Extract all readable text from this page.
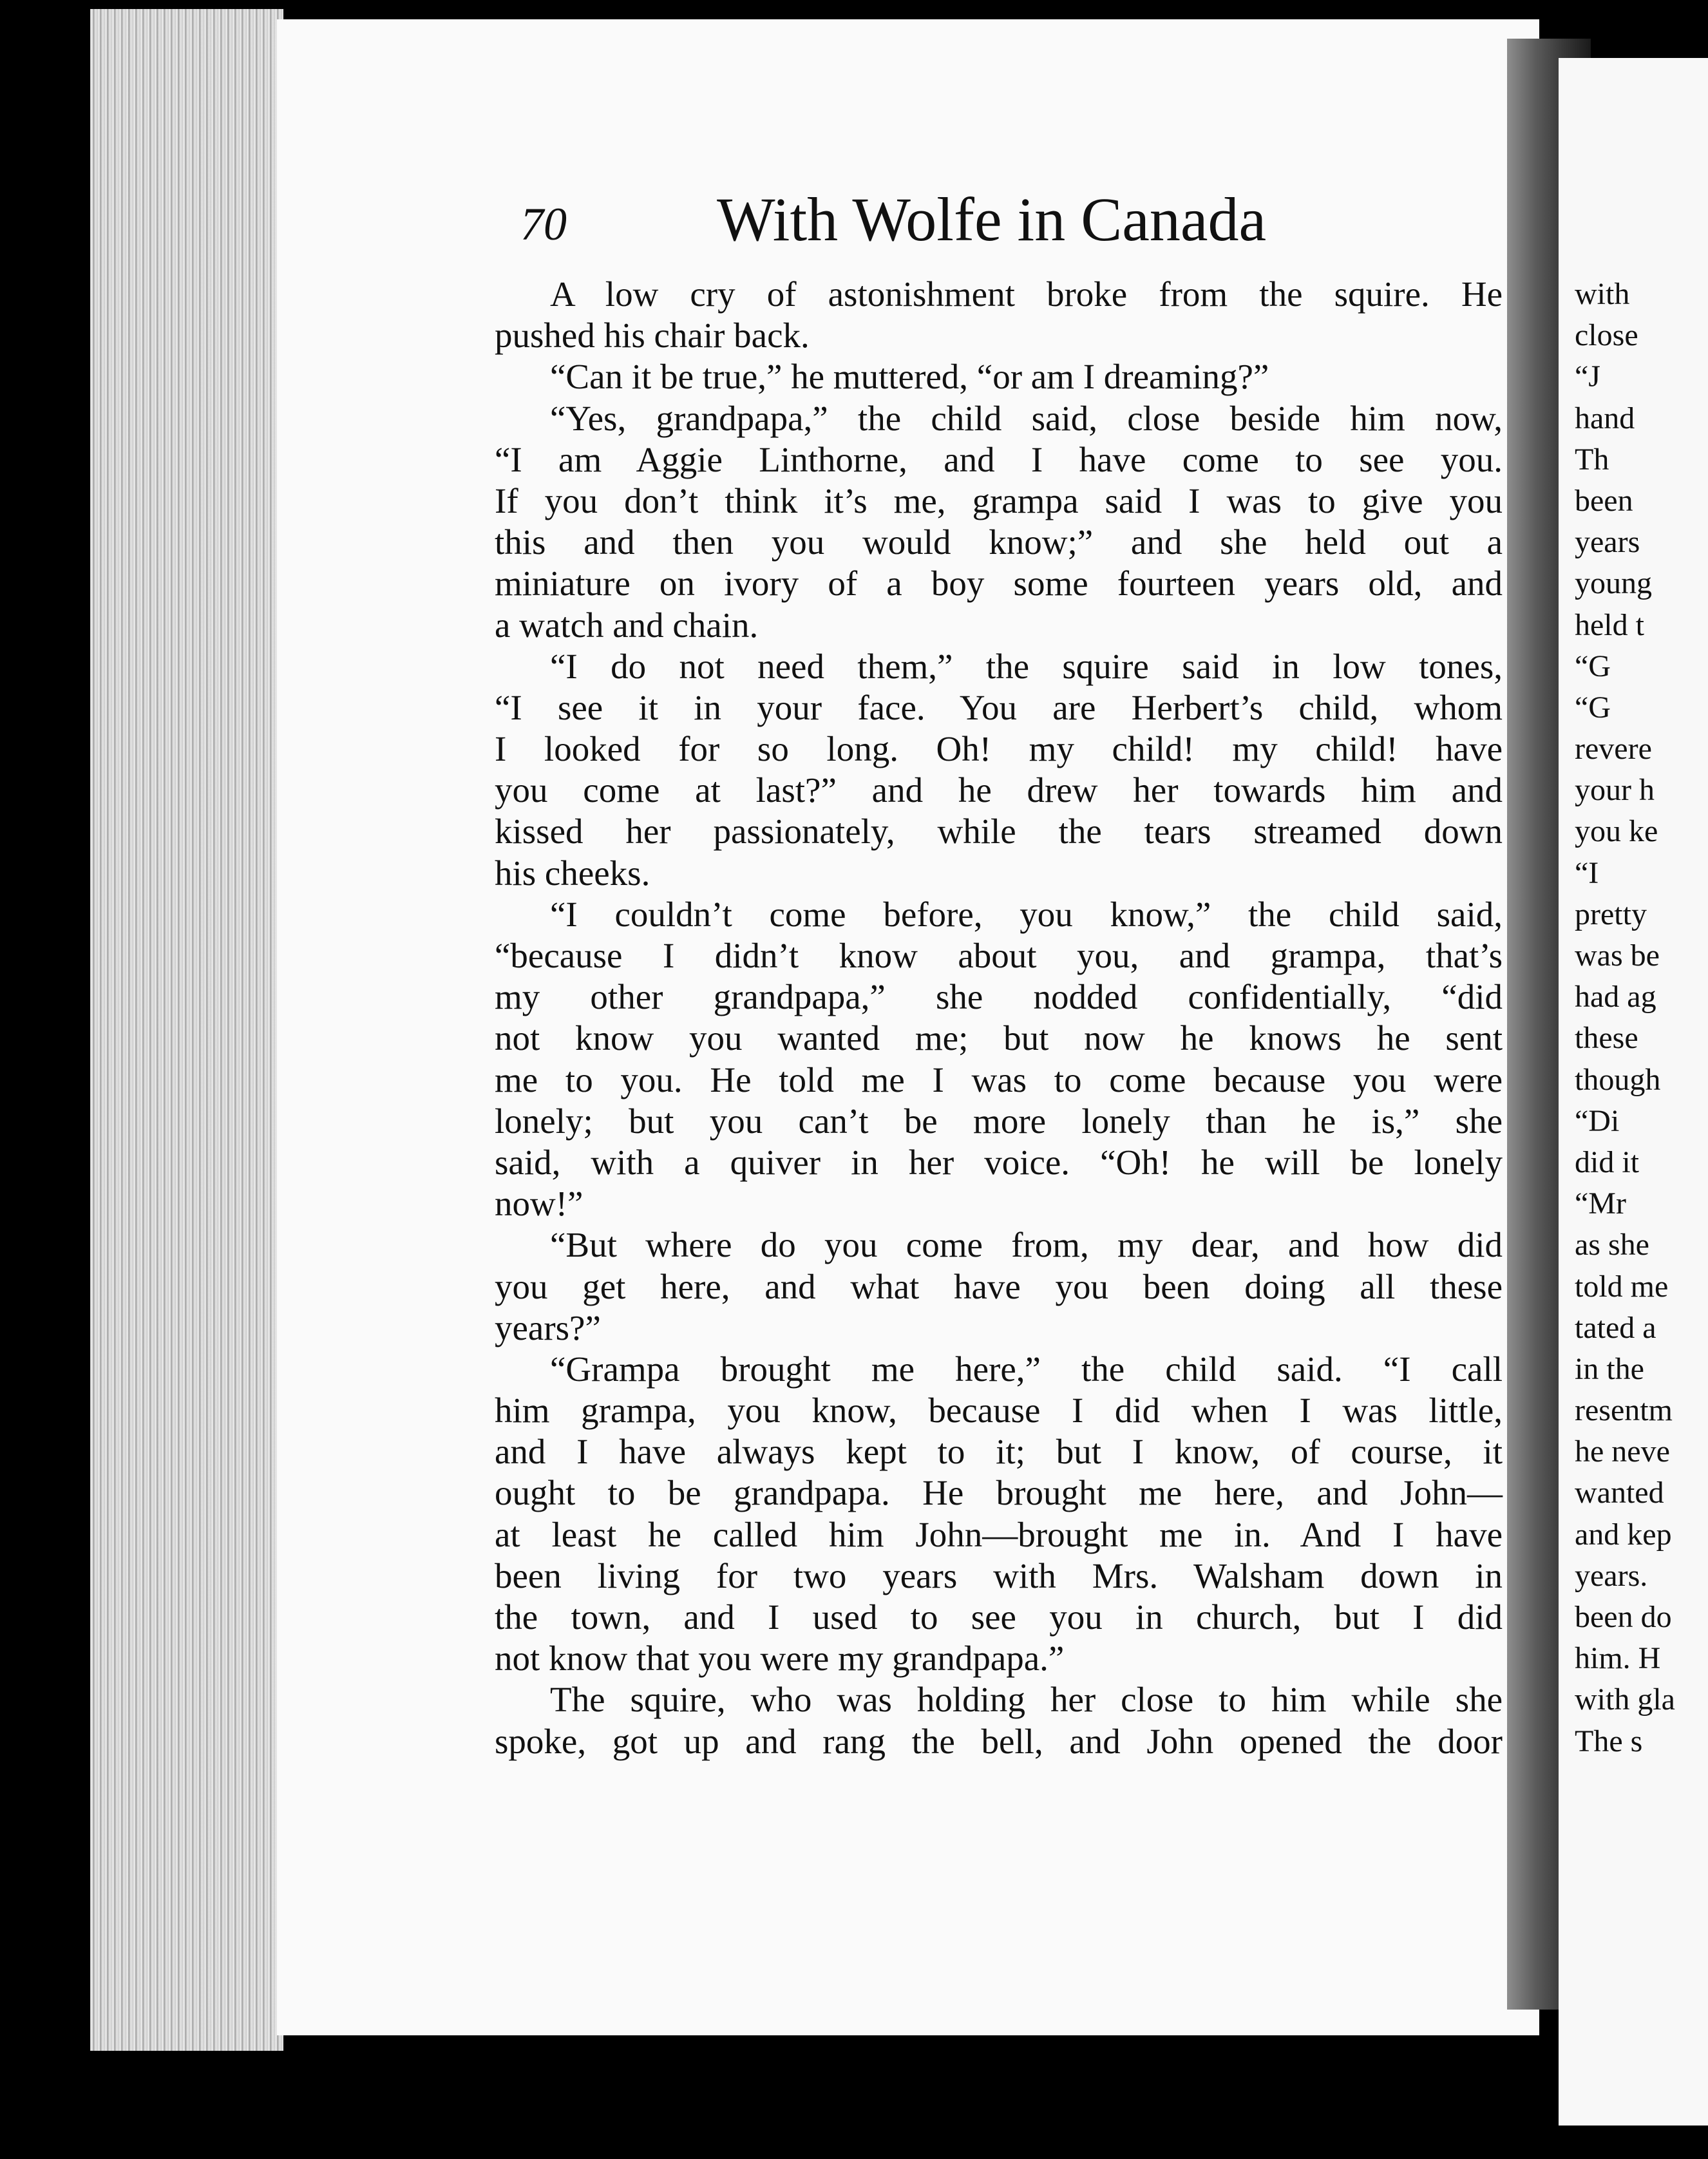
70 With Wolfe in Canada
A low cry of astonishment broke from the squire. He
pushed his chair back.
“Can it be true,” he muttered, “or am I dreaming?”
“Yes, grandpapa,” the child said, close beside him now,
“I am Aggie Linthorne, and I have come to see you.
If you don’t think it’s me, grampa said I was to give you
this and then you would know;” and she held out a
miniature on ivory of a boy some fourteen years old, and
a watch and chain.
“I do not need them,” the squire said in low tones,
“I see it in your face. You are Herbert’s child, whom
I looked for so long. Oh! my child! my child! have
you come at last?” and he drew her towards him and
kissed her passionately, while the tears streamed down
his cheeks.
“I couldn’t come before, you know,” the child said,
“because I didn’t know about you, and grampa, that’s
my other grandpapa,” she nodded confidentially, “did
not know you wanted me; but now he knows he sent
me to you. He told me I was to come because you were
lonely; but you can’t be more lonely than he is,” she
said, with a quiver in her voice. “Oh! he will be lonely
now!”
“But where do you come from, my dear, and how did
you get here, and what have you been doing all these
years?”
“Grampa brought me here,” the child said. “I call
him grampa, you know, because I did when I was little,
and I have always kept to it; but I know, of course, it
ought to be grandpapa. He brought me here, and John—
at least he called him John—brought me in. And I have
been living for two years with Mrs. Walsham down in
the town, and I used to see you in church, but I did
not know that you were my grandpapa.”
The squire, who was holding her close to him while she
spoke, got up and rang the bell, and John opened the door
with
close
“J
hand
Th
been
years
young
held t
“G
“G
revere
your h
you ke
“I
pretty
was be
had ag
these
though
“Di
did it
“Mr
as she
told me
tated a
in the
resentm
he neve
wanted
and kep
years.
been do
him. H
with gla
The s
